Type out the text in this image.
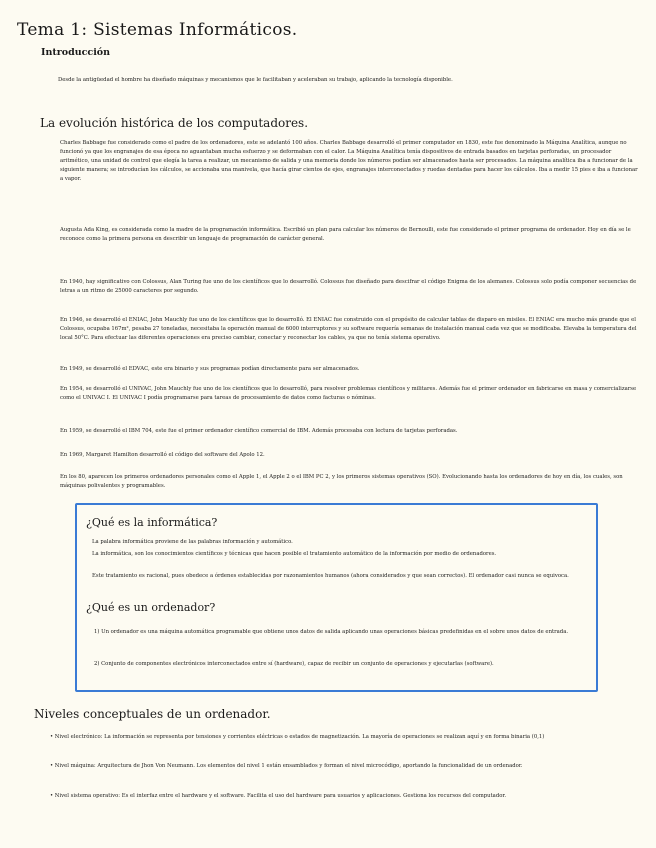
Tema 1: Sistemas Informáticos.
Introducción
Desde la antigüedad el hombre ha diseñado máquinas y mecanismos que le facilitaban y aceleraban su trabajo, aplicando la tecnología disponible.
La evolución histórica de los computadores.
Charles Babbage fue considerado como el padre de los ordenadores, este se adelantó 100 años. Charles Babbage desarrolló el primer computador en 1830, este fue denominado la Máquina Analítica, aunque no funcionó ya que los engranajes de esa época no aguantaban mucha esfuerzo y se deformaban con el calor. La Máquina Analítica tenía dispositivos de entrada basados en tarjetas perforadas, un procesador aritmético, una unidad de control que elegía la tarea a realizar, un mecanismo de salida y una memoria donde los números podían ser almacenados hasta ser procesados. La máquina analítica iba a funcionar de la siguiente manera; se introducían los cálculos, se accionaba una manivela, que hacía girar cientos de ejes, engranajes interconectados y ruedas dentadas para hacer los cálculos. Iba a medir 15 pies e iba a funcionar a vapor.
Augusta Ada King, es considerada como la madre de la programación informática. Escribió un plan para calcular los números de Bernoulli, este fue considerado el primer programa de ordenador. Hoy en día se le reconoce como la primera persona en describir un lenguaje de programación de carácter general.
En 1940, hay significativo con Colossus, Alan Turing fue uno de los científicos que lo desarrolló. Colossus fue diseñado para descifrar el código Enigma de los alemanes. Colossus solo podía componer secuencias de letras a un ritmo de 25000 caracteres por segundo.
En 1946, se desarrolló el ENIAC, John Mauchly fue uno de los científicos que lo desarrolló. El ENIAC fue construido con el propósito de calcular tablas de disparo en misiles. El ENIAC era mucho más grande que el Colossus, ocupaba 167m², pesaba 27 toneladas, necesitaba la operación manual de 6000 interruptores y su software requería semanas de instalación manual cada vez que se modificaba. Elevaba la temperatura del local 50°C. Para efectuar las diferentes operaciones era preciso cambiar, conectar y reconectar los cables, ya que no tenía sistema operativo.
En 1949, se desarrolló el EDVAC, este era binario y sus programas podían directamente para ser almacenados.
En 1954, se desarrolló el UNIVAC, John Mauchly fue uno de los científicos que lo desarrolló, para resolver problemas científicos y militares. Además fue el primer ordenador en fabricarse en masa y comercializarse como el UNIVAC I. El UNIVAC I podía programarse para tareas de procesamiento de datos como facturas o nóminas.
En 1959, se desarrolló el IBM 704, este fue el primer ordenador científico comercial de IBM. Además procesaba con lectura de tarjetas perforadas.
En 1969, Margaret Hamilton desarrolló el código del software del Apolo 12.
En los 80, aparecen los primeros ordenadores personales como el Apple 1, el Apple 2 o el IBM PC 2, y los primeros sistemas operativos (SO). Evolucionando hasta los ordenadores de hoy en día, los cuales, son máquinas polivalentes y programables.
¿Qué es la informática?
La palabra informática proviene de las palabras información y automático.
La informática, son los conocimientos científicos y técnicas que hacen posible el tratamiento automático de la información por medio de ordenadores.
Este tratamiento es racional, pues obedece a órdenes establecidas por razonamientos humanos (ahora considerados y que sean correctos). El ordenador casi nunca se equivoca.
¿Qué es un ordenador?
1) Un ordenador es una máquina automática programable que obtiene unos datos de salida aplicando unas operaciones básicas predefinidas en el sobre unos datos de entrada.
2) Conjunto de componentes electrónicos interconectados entre sí (hardware), capaz de recibir un conjunto de operaciones y ejecutarlas (software).
Niveles conceptuales de un ordenador.
• Nivel electrónico: La información se representa por tensiones y corrientes eléctricas o estados de magnetización. La mayoría de operaciones se realizan aquí y en forma binaria (0,1)
• Nivel máquina: Arquitectura de Jhon Von Neumann. Los elementos del nivel 1 están ensamblados y forman el nivel microcódigo, aportando la funcionalidad de un ordenador.
• Nivel sistema operativo: Es el interfaz entre el hardware y el software. Facilita el uso del hardware para usuarios y aplicaciones. Gestiona los recursos del computador.
